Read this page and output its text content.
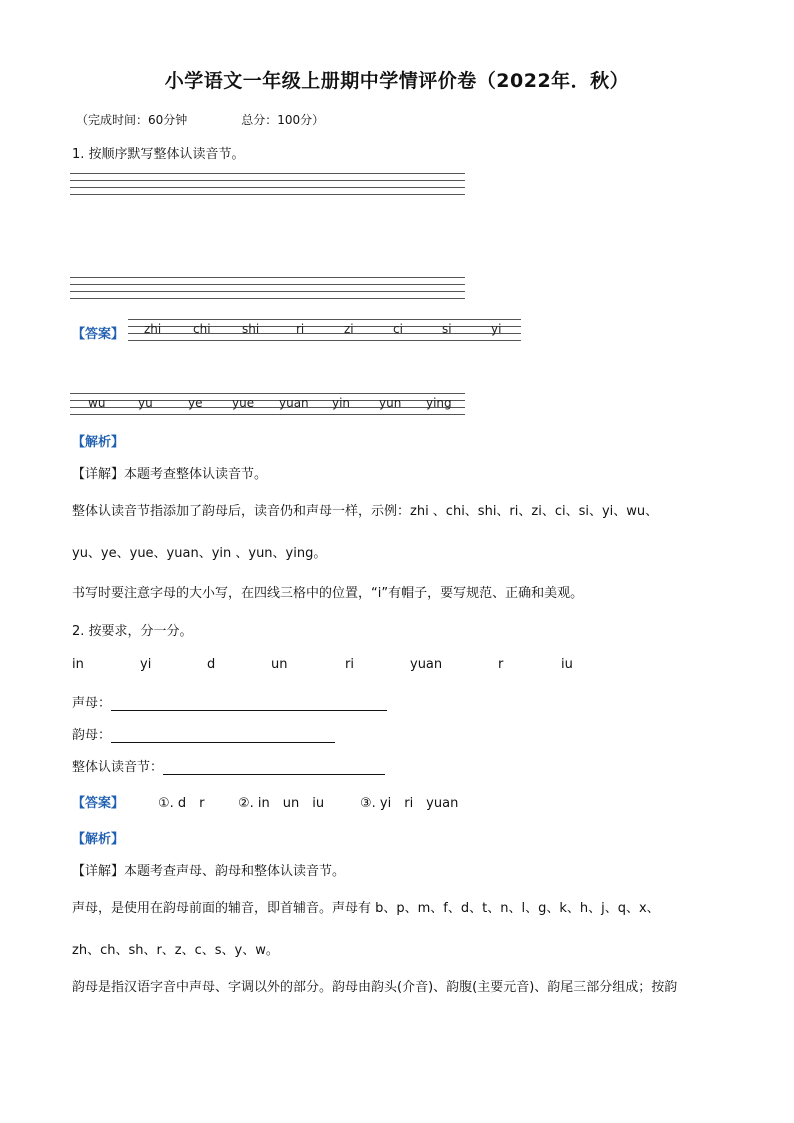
小学语文一年级上册期中学情评价卷（2022年．秋）
（完成时间：60分钟	总分：100分）
1. 按顺序默写整体认读音节。
【答案】 zhi	chi	shi	ri	zi	ci	si	yi
wu	yu	ye yue yuan yin yun ying
【解析】
【详解】本题考查整体认读音节。
整体认读音节指添加了韵母后，读音仍和声母一样，示例：zhi 、chi、shi、ri、zi、ci、si、yi、wu、
yu、ye、yue、yuan、yin 、yun、ying。
书写时要注意字母的大小写，在四线三格中的位置，“i”有帽子，要写规范、正确和美观。
2. 按要求，分一分。
in	yi	d	un	ri	yuan	r	iu
声母：
韵母：
整体认读音节：
【答案】	①. d　r	②. in　un　iu	③. yi　ri　yuan
【解析】
【详解】本题考查声母、韵母和整体认读音节。
声母，是使用在韵母前面的辅音，即首辅音。声母有 b、p、m、f、d、t、n、l、g、k、h、j、q、x、
zh、ch、sh、r、z、c、s、y、w。
韵母是指汉语字音中声母、字调以外的部分。韵母由韵头(介音)、韵腹(主要元音)、韵尾三部分组成；按韵
